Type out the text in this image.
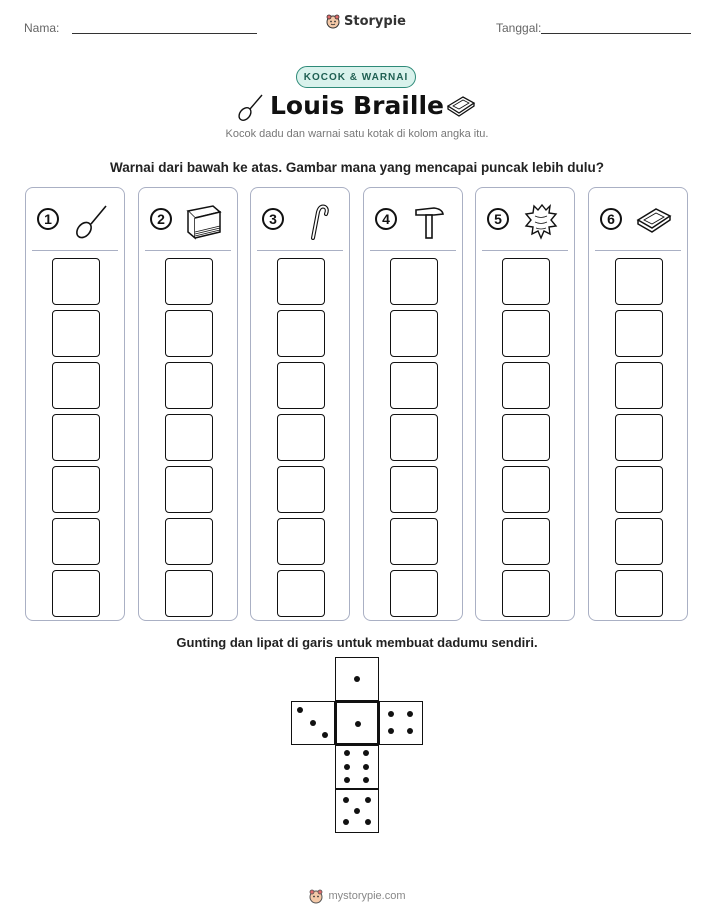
Nama:	Storypie	Tanggal:
KOCOK & WARNAI
Louis Braille
Kocok dadu dan warnai satu kotak di kolom angka itu.
Warnai dari bawah ke atas. Gambar mana yang mencapai puncak lebih dulu?
1	2	3	4	5	6
Gunting dan lipat di garis untuk membuat dadumu sendiri.
mystorypie.com
